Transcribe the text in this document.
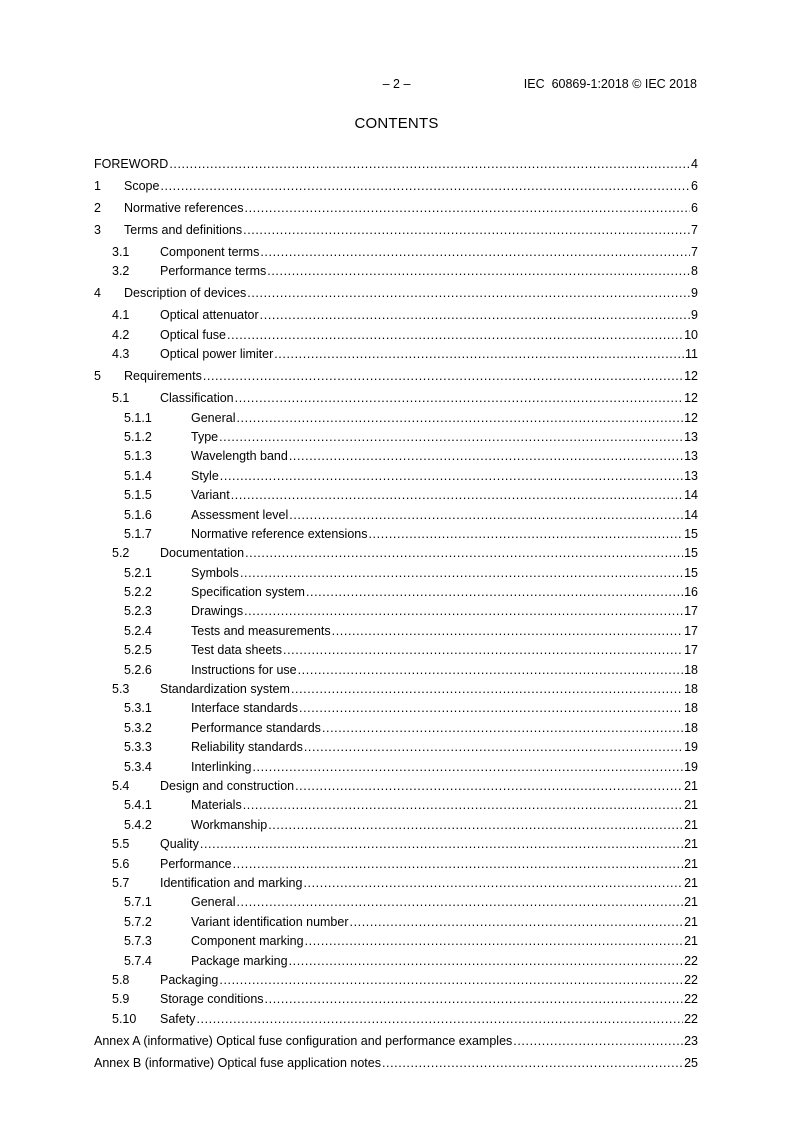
– 2 –	IEC  60869-1:2018 © IEC 2018
CONTENTS
FOREWORD .....	4
1	Scope .....	6
2	Normative references .....	6
3	Terms and definitions .....	7
3.1	Component terms .....	7
3.2	Performance terms .....	8
4	Description of devices .....	9
4.1	Optical attenuator .....	9
4.2	Optical fuse .....	10
4.3	Optical power limiter .....	11
5	Requirements .....	12
5.1	Classification .....	12
5.1.1	General .....	12
5.1.2	Type .....	13
5.1.3	Wavelength band .....	13
5.1.4	Style .....	13
5.1.5	Variant .....	14
5.1.6	Assessment level .....	14
5.1.7	Normative reference extensions .....	15
5.2	Documentation .....	15
5.2.1	Symbols .....	15
5.2.2	Specification system .....	16
5.2.3	Drawings .....	17
5.2.4	Tests and measurements .....	17
5.2.5	Test data sheets .....	17
5.2.6	Instructions for use .....	18
5.3	Standardization system .....	18
5.3.1	Interface standards .....	18
5.3.2	Performance standards .....	18
5.3.3	Reliability standards .....	19
5.3.4	Interlinking .....	19
5.4	Design and construction .....	21
5.4.1	Materials .....	21
5.4.2	Workmanship .....	21
5.5	Quality .....	21
5.6	Performance .....	21
5.7	Identification and marking .....	21
5.7.1	General .....	21
5.7.2	Variant identification number .....	21
5.7.3	Component marking .....	21
5.7.4	Package marking .....	22
5.8	Packaging .....	22
5.9	Storage conditions .....	22
5.10	Safety .....	22
Annex A (informative) Optical fuse configuration and performance examples .....	23
Annex B (informative) Optical fuse application notes .....	25
